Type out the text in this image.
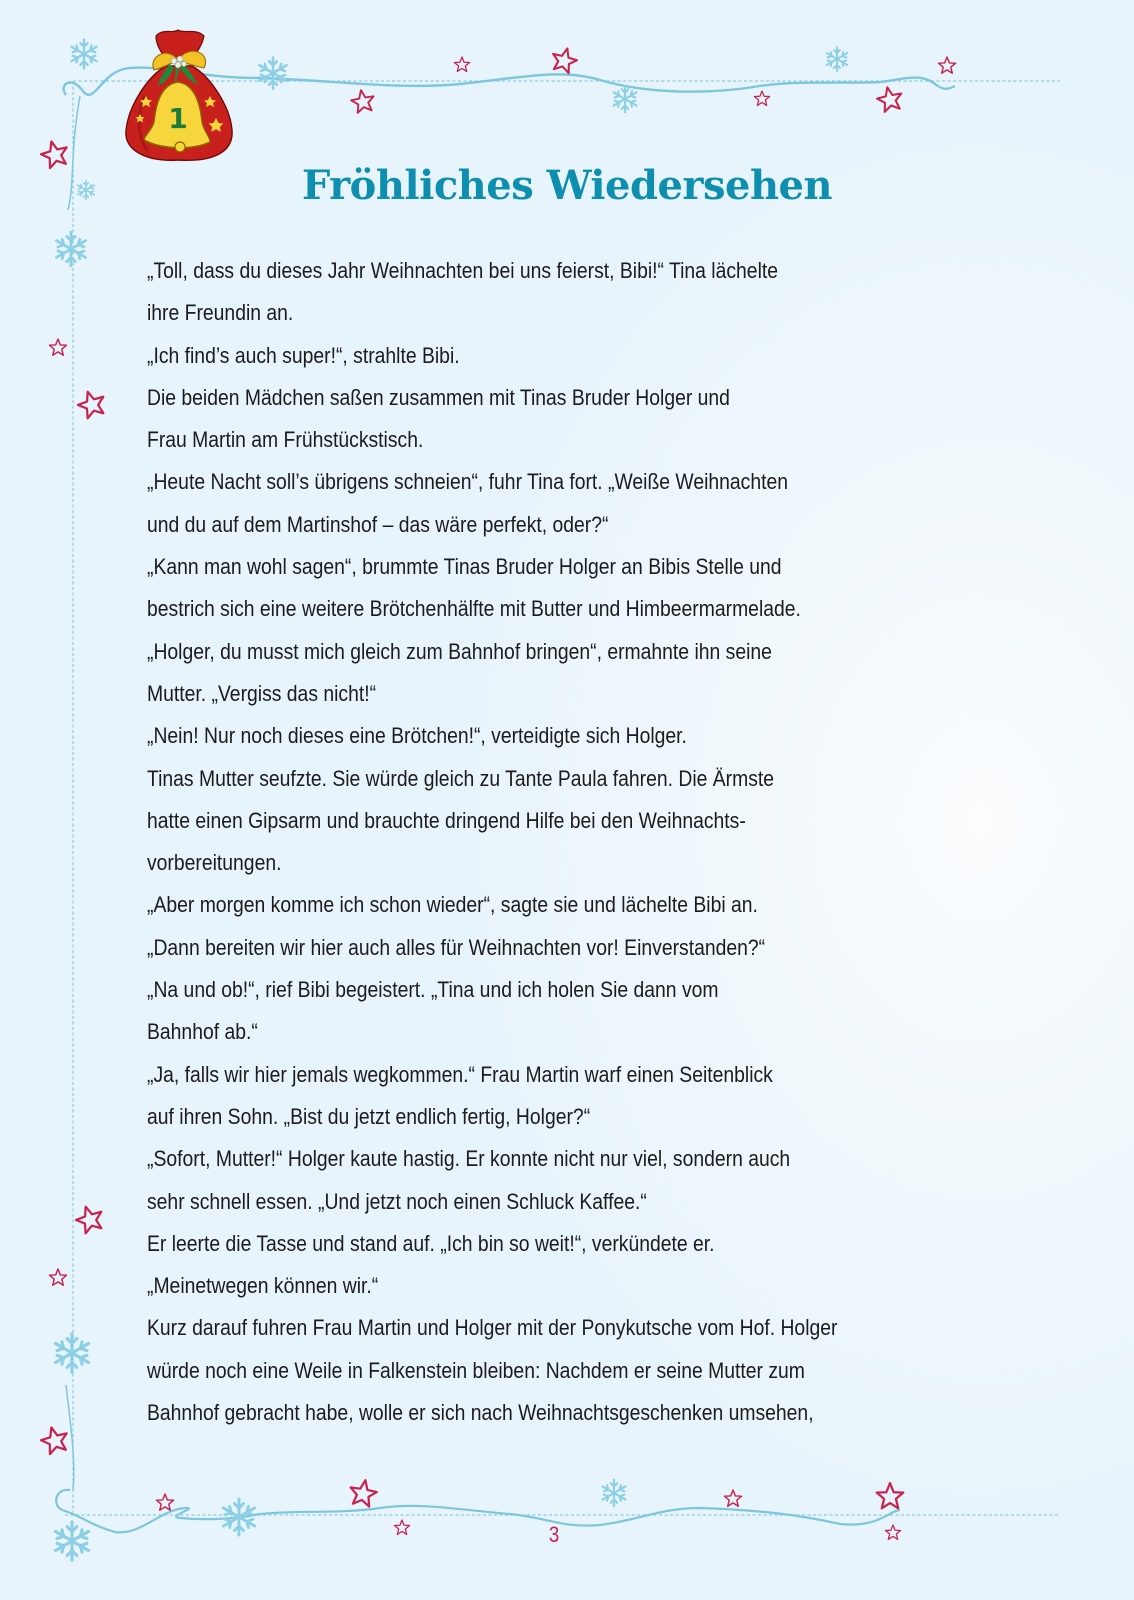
1
Fröhliches Wiedersehen
„Toll, dass du dieses Jahr Weihnachten bei uns feierst, Bibi!“ Tina lächelte
ihre Freundin an.
„Ich find’s auch super!“, strahlte Bibi.
Die beiden Mädchen saßen zusammen mit Tinas Bruder Holger und
Frau Martin am Frühstückstisch.
„Heute Nacht soll’s übrigens schneien“, fuhr Tina fort. „Weiße Weihnachten
und du auf dem Martinshof – das wäre perfekt, oder?“
„Kann man wohl sagen“, brummte Tinas Bruder Holger an Bibis Stelle und
bestrich sich eine weitere Brötchenhälfte mit Butter und Himbeermarmelade.
„Holger, du musst mich gleich zum Bahnhof bringen“, ermahnte ihn seine
Mutter. „Vergiss das nicht!“
„Nein! Nur noch dieses eine Brötchen!“, verteidigte sich Holger.
Tinas Mutter seufzte. Sie würde gleich zu Tante Paula fahren. Die Ärmste
hatte einen Gipsarm und brauchte dringend Hilfe bei den Weihnachts-
vorbereitungen.
„Aber morgen komme ich schon wieder“, sagte sie und lächelte Bibi an.
„Dann bereiten wir hier auch alles für Weihnachten vor! Einverstanden?“
„Na und ob!“, rief Bibi begeistert. „Tina und ich holen Sie dann vom
Bahnhof ab.“
„Ja, falls wir hier jemals wegkommen.“ Frau Martin warf einen Seitenblick
auf ihren Sohn. „Bist du jetzt endlich fertig, Holger?“
„Sofort, Mutter!“ Holger kaute hastig. Er konnte nicht nur viel, sondern auch
sehr schnell essen. „Und jetzt noch einen Schluck Kaffee.“
Er leerte die Tasse und stand auf. „Ich bin so weit!“, verkündete er.
„Meinetwegen können wir.“
Kurz darauf fuhren Frau Martin und Holger mit der Ponykutsche vom Hof. Holger
würde noch eine Weile in Falkenstein bleiben: Nachdem er seine Mutter zum
Bahnhof gebracht habe, wolle er sich nach Weihnachtsgeschenken umsehen,
3
